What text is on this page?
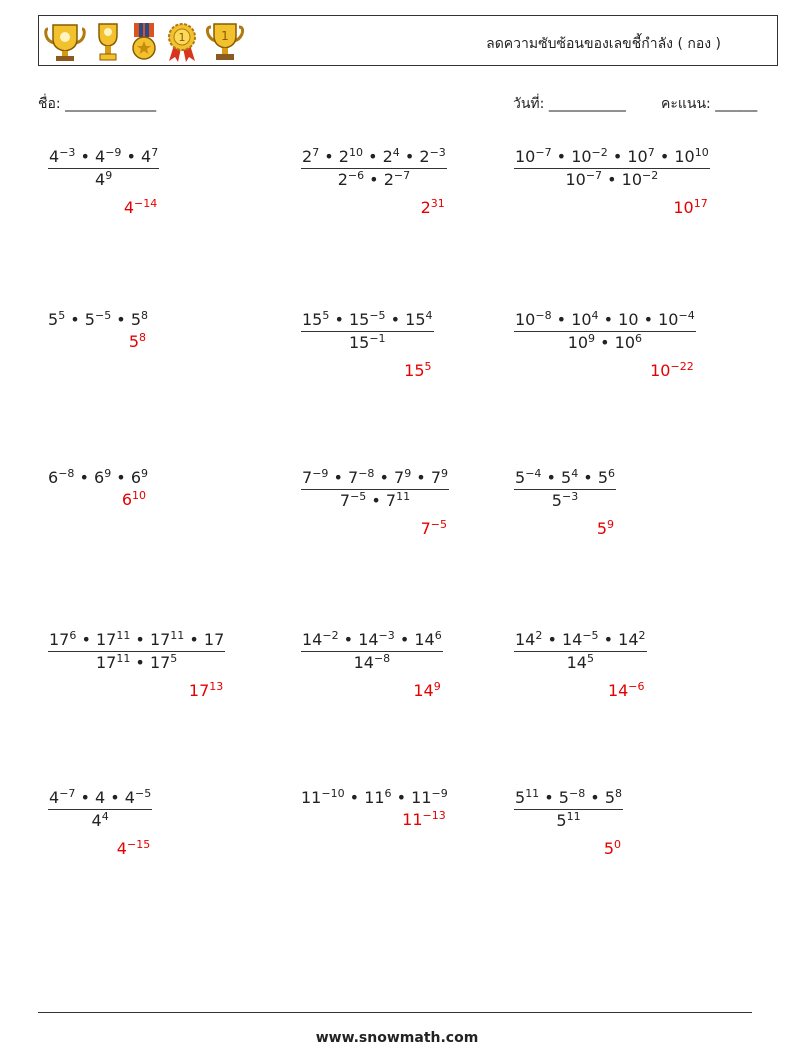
1	1	ลดความซับซ้อนของเลขชี้กำลัง ( กอง )
ชื่อ: _____________	วันที่: ___________	คะแนน: ______
$\frac{4^{-3} • 4^{-9} • 4^7}{4^9}$
$4^{-14}$
$\frac{2^7 • 2^{10} • 2^4 • 2^{-3}}{2^{-6} • 2^{-7}}$
$2^{31}$
$\frac{10^{-7} • 10^{-2} • 10^7 • 10^{10}}{10^{-7} • 10^{-2}}$
$10^{17}$
$5^5$ • $5^{-5}$ • $5^8$
$5^8$	$\frac{15^5 • 15^{-5} • 15^4}{15^{-1}}$
$15^5$
$\frac{10^{-8} • 10^4 • 10 • 10^{-4}}{10^9 • 10^6}$
$10^{-22}$
$6^{-8}$ • $6^9$ • $6^9$
$6^{10}$	$\frac{7^{-9} • 7^{-8} • 7^9 • 7^9}{7^{-5} • 7^{11}}$
$7^{-5}$
$\frac{5^{-4} • 5^4 • 5^6}{5^{-3}}$
$5^9$
$\frac{17^6 • 17^{11} • 17^{11} • 17}{17^{11} • 17^5}$
$17^{13}$
$\frac{14^{-2} • 14^{-3} • 14^6}{14^{-8}}$
$14^9$
$\frac{14^2 • 14^{-5} • 14^2}{14^5}$
$14^{-6}$
$\frac{4^{-7} • 4 • 4^{-5}}{4^4}$
$4^{-15}$
$11^{-10}$ • $11^6$ • $11^{-9}$
$11^{-13}$	$\frac{5^{11} • 5^{-8} • 5^8}{5^{11}}$
$5^0$
www.snowmath.com
